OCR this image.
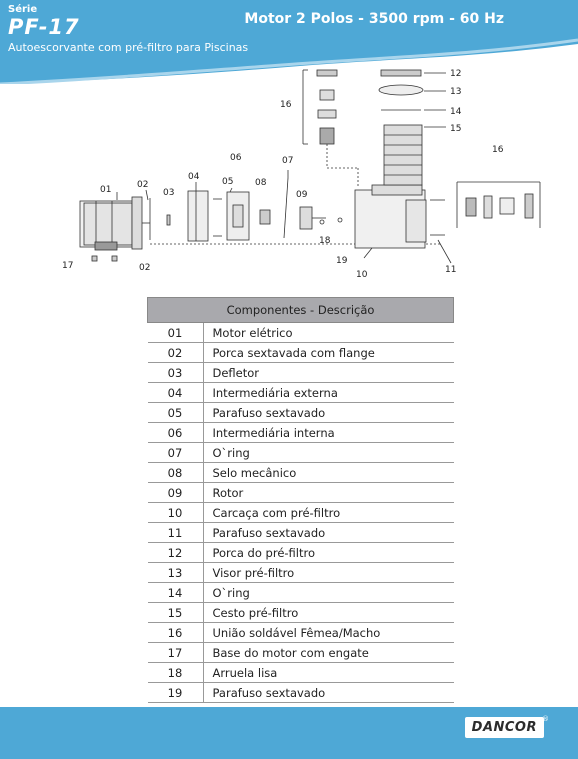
Série
PF-17
Autoescorvante com pré-filtro para Piscinas
Motor 2 Polos - 3500 rpm - 60 Hz
01	02
03
04	05
06	07
08
09
02
10	11
12
13
14
15
16
16
17
18
19
Componentes - Descrição	
01	Motor elétrico
02	Porca sextavada com flange
03	Defletor
04	Intermediária externa
05	Parafuso sextavado
06	Intermediária interna
07	O`ring
08	Selo mecânico
09	Rotor
10	Carcaça com pré-filtro
11	Parafuso sextavado
12	Porca do pré-filtro
13	Visor pré-filtro
14	O`ring
15	Cesto pré-filtro
16	União soldável Fêmea/Macho
17	Base do motor com engate
18	Arruela lisa
19	Parafuso sextavado
DANCOR
®
